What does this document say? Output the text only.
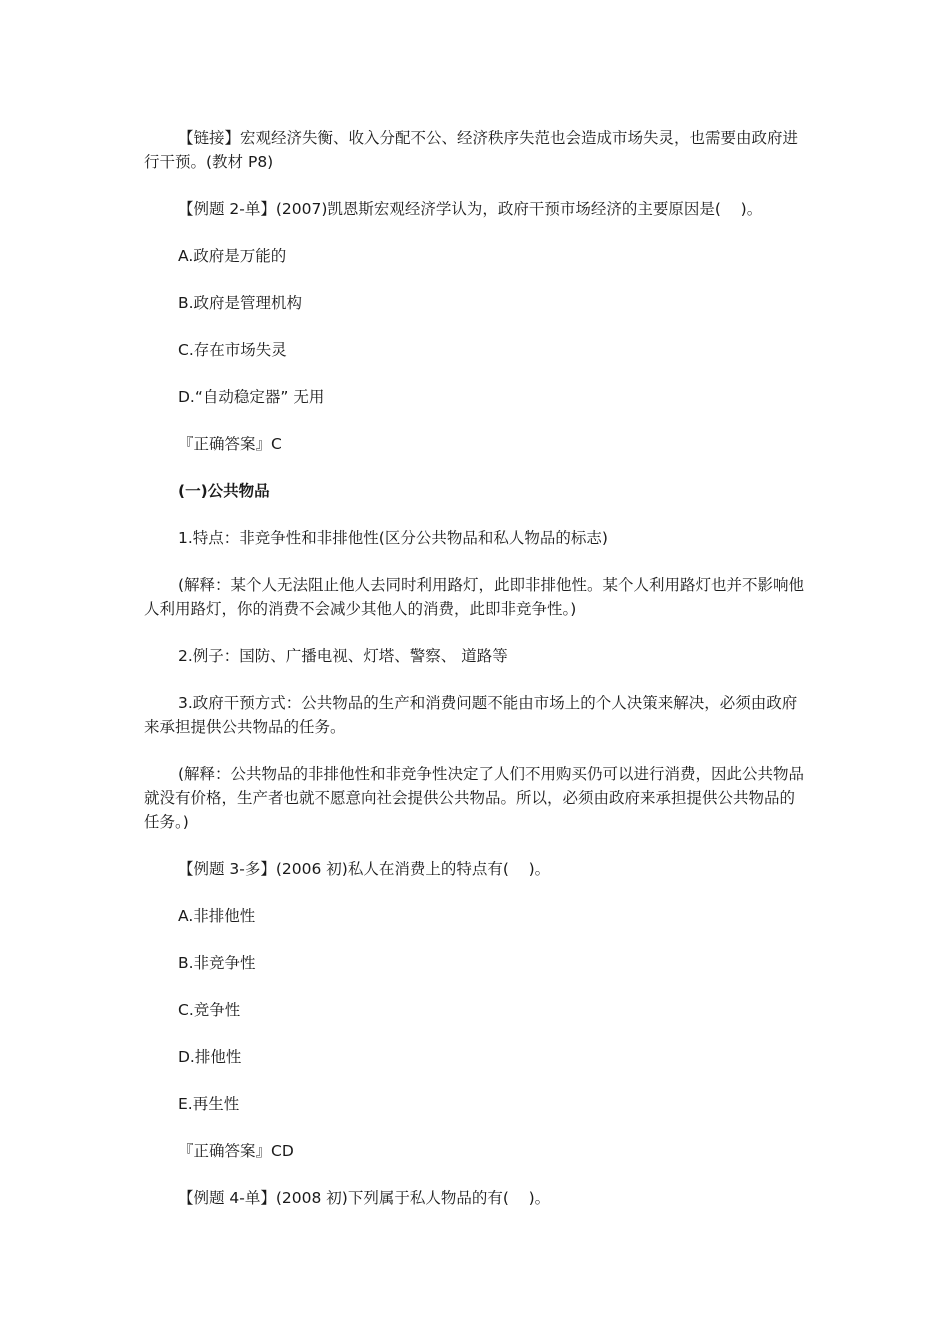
【链接】宏观经济失衡、收入分配不公、经济秩序失范也会造成市场失灵，也需要由政府进行干预。(教材 P8)

【例题 2-单】(2007)凯恩斯宏观经济学认为，政府干预市场经济的主要原因是(    )。

A.政府是万能的

B.政府是管理机构

C.存在市场失灵

D.“自动稳定器” 无用

『正确答案』C

(一)公共物品

1.特点：非竞争性和非排他性(区分公共物品和私人物品的标志)

(解释：某个人无法阻止他人去同时利用路灯，此即非排他性。某个人利用路灯也并不影响他人利用路灯，你的消费不会减少其他人的消费，此即非竞争性。)

2.例子：国防、广播电视、灯塔、警察、 道路等

3.政府干预方式：公共物品的生产和消费问题不能由市场上的个人决策来解决，必须由政府来承担提供公共物品的任务。

(解释：公共物品的非排他性和非竞争性决定了人们不用购买仍可以进行消费，因此公共物品就没有价格，生产者也就不愿意向社会提供公共物品。所以，必须由政府来承担提供公共物品的任务。)

【例题 3-多】(2006 初)私人在消费上的特点有(    )。

A.非排他性

B.非竞争性

C.竞争性

D.排他性

E.再生性

『正确答案』CD

【例题 4-单】(2008 初)下列属于私人物品的有(    )。
